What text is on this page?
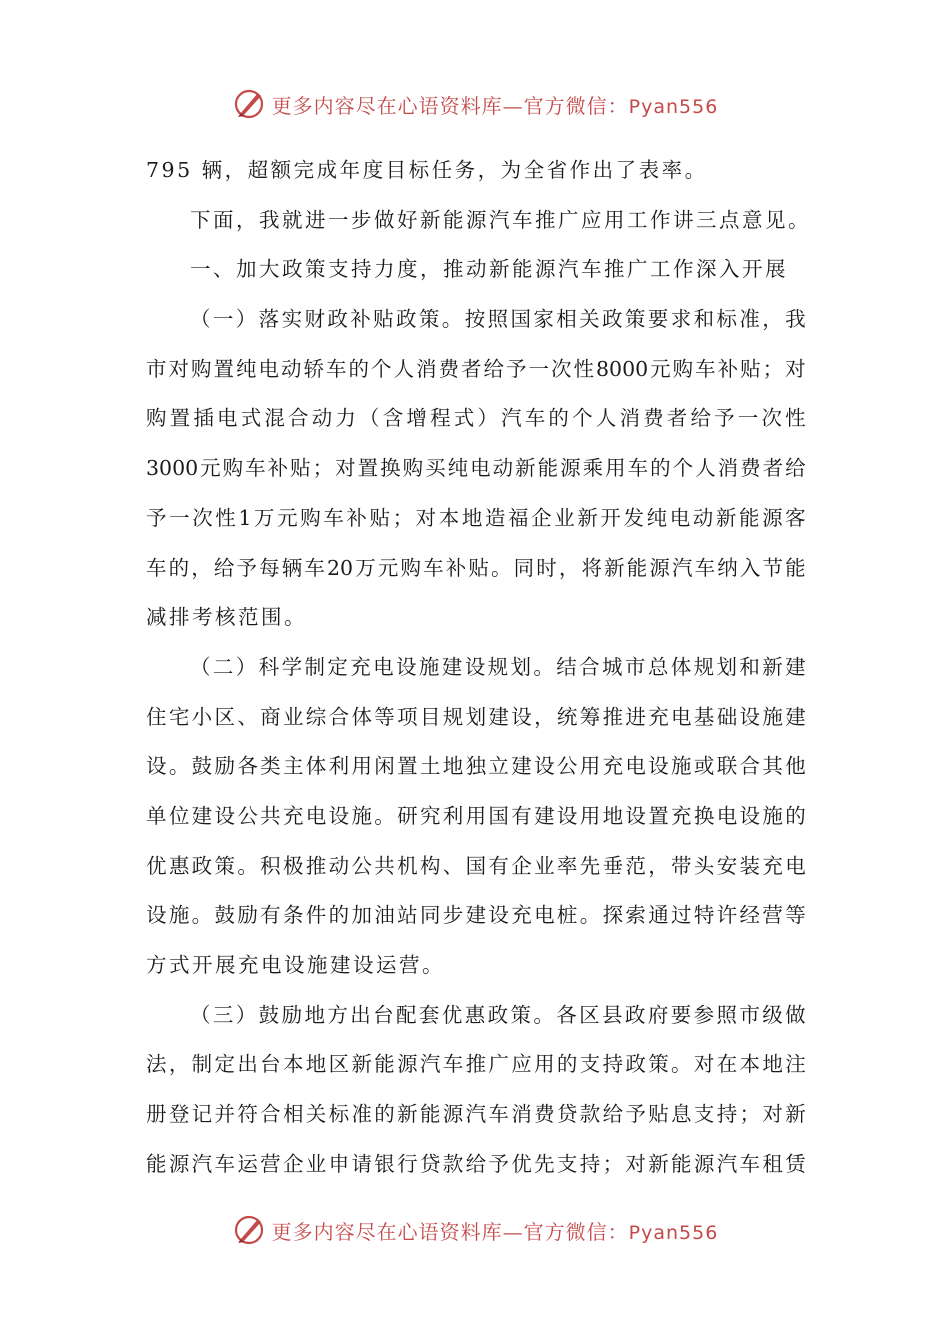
更多内容尽在心语资料库—官方微信：Pyan556
795 辆，超额完成年度目标任务，为全省作出了表率。
下面，我就进一步做好新能源汽车推广应用工作讲三点意见。
一、加大政策支持力度，推动新能源汽车推广工作深入开展
（ 一 ） 落 实 财 政 补 贴 政 策 。 按 照 国 家 相 关 政 策 要 求 和 标 准 ， 我
市 对 购 置 纯 电 动 轿 车 的 个 人 消 费 者 给 予 一 次 性 8000 元 购 车 补 贴 ； 对
购 置 插 电 式 混 合 动 力 （ 含 增 程 式 ） 汽 车 的 个 人 消 费 者 给 予 一 次 性
3000 元 购 车 补 贴 ； 对 置 换 购 买 纯 电 动 新 能 源 乘 用 车 的 个 人 消 费 者 给
予 一 次 性 1 万 元 购 车 补 贴 ； 对 本 地 造 福 企 业 新 开 发 纯 电 动 新 能 源 客
车 的 ， 给 予 每 辆 车 20 万 元 购 车 补 贴 。 同 时 ， 将 新 能 源 汽 车 纳 入 节 能
减排考核范围。
（ 二 ） 科 学 制 定 充 电 设 施 建 设 规 划 。 结 合 城 市 总 体 规 划 和 新 建
住 宅 小 区 、 商 业 综 合 体 等 项 目 规 划 建 设 ， 统 筹 推 进 充 电 基 础 设 施 建
设 。 鼓 励 各 类 主 体 利 用 闲 置 土 地 独 立 建 设 公 用 充 电 设 施 或 联 合 其 他
单 位 建 设 公 共 充 电 设 施 。 研 究 利 用 国 有 建 设 用 地 设 置 充 换 电 设 施 的
优 惠 政 策 。 积 极 推 动 公 共 机 构 、 国 有 企 业 率 先 垂 范 ， 带 头 安 装 充 电
设 施 。 鼓 励 有 条 件 的 加 油 站 同 步 建 设 充 电 桩 。 探 索 通 过 特 许 经 营 等
方式开展充电设施建设运营。
（ 三 ） 鼓 励 地 方 出 台 配 套 优 惠 政 策 。 各 区 县 政 府 要 参 照 市 级 做
法 ， 制 定 出 台 本 地 区 新 能 源 汽 车 推 广 应 用 的 支 持 政 策 。 对 在 本 地 注
册 登 记 并 符 合 相 关 标 准 的 新 能 源 汽 车 消 费 贷 款 给 予 贴 息 支 持 ； 对 新
能 源 汽 车 运 营 企 业 申 请 银 行 贷 款 给 予 优 先 支 持 ； 对 新 能 源 汽 车 租 赁
更多内容尽在心语资料库—官方微信：Pyan556
